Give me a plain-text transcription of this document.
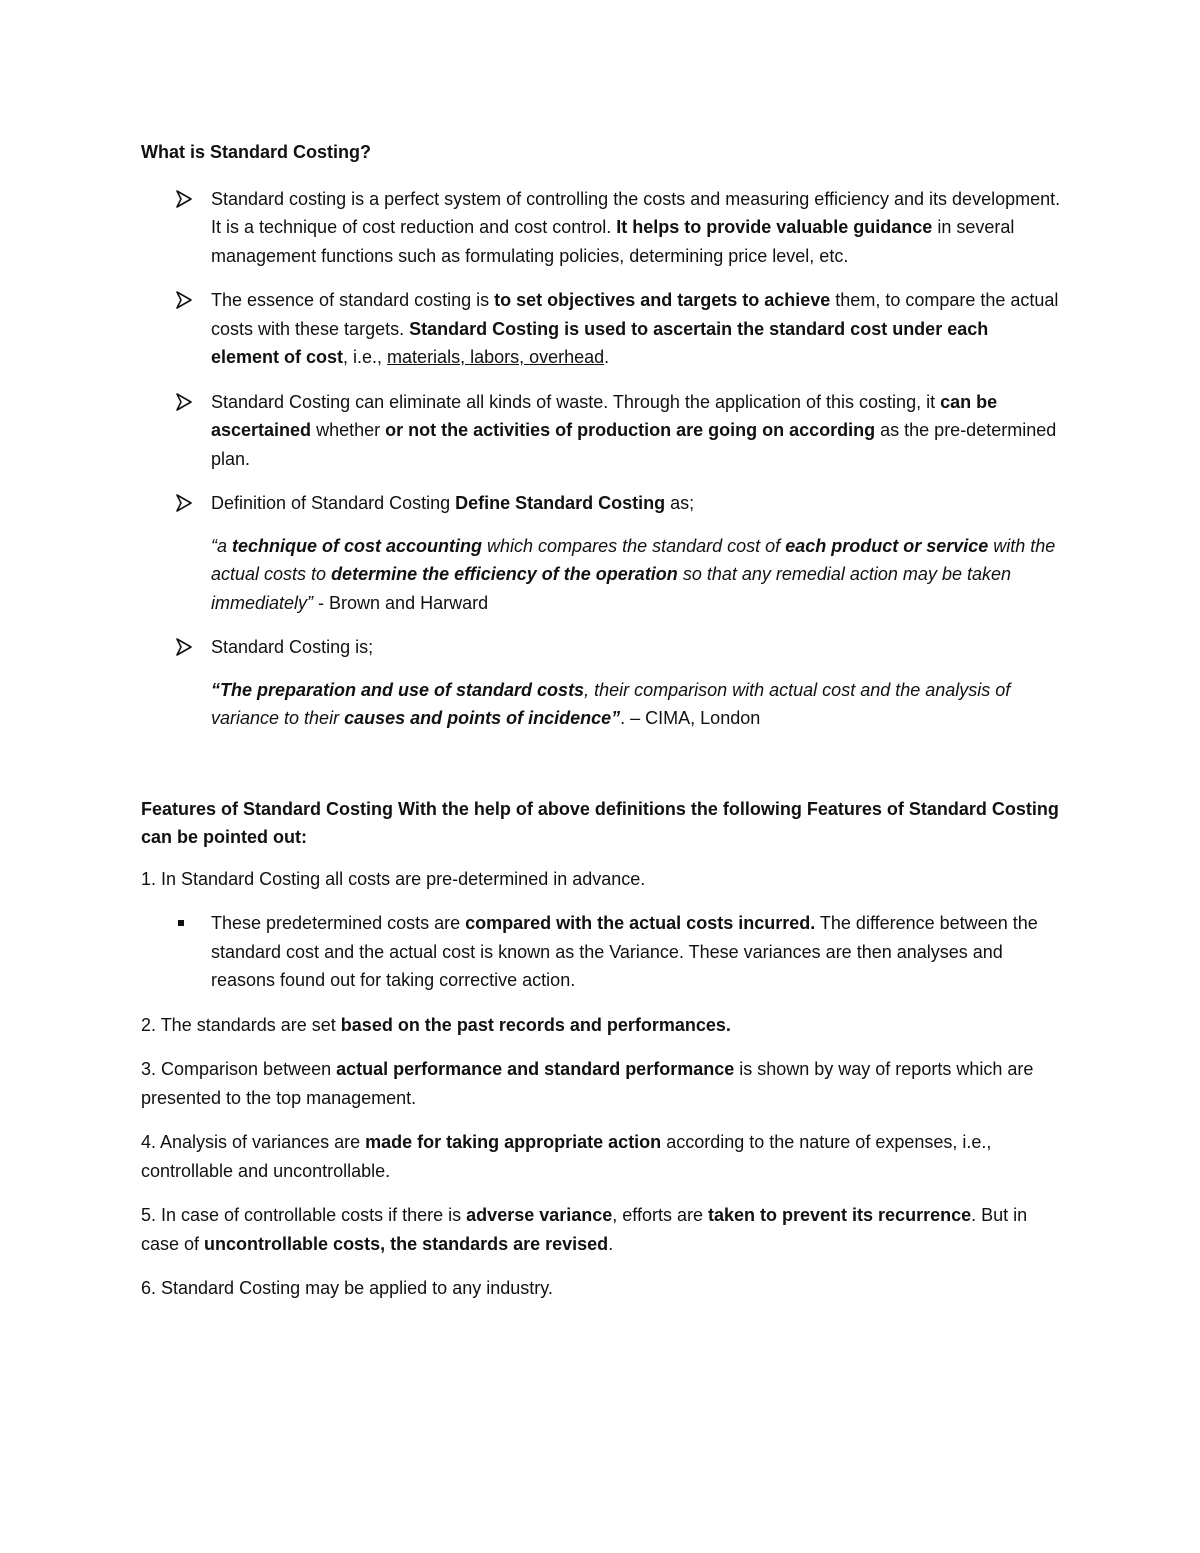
What is Standard Costing?

Standard costing is a perfect system of controlling the costs and measuring efficiency and its development. It is a technique of cost reduction and cost control. It helps to provide valuable guidance in several management functions such as formulating policies, determining price level, etc.

The essence of standard costing is to set objectives and targets to achieve them, to compare the actual costs with these targets. Standard Costing is used to ascertain the standard cost under each element of cost, i.e., materials, labors, overhead.

Standard Costing can eliminate all kinds of waste. Through the application of this costing, it can be ascertained whether or not the activities of production are going on according as the pre-determined plan.

Definition of Standard Costing Define Standard Costing as;

“a technique of cost accounting which compares the standard cost of each product or service with the actual costs to determine the efficiency of the operation so that any remedial action may be taken immediately” - Brown and Harward

Standard Costing is;

“The preparation and use of standard costs, their comparison with actual cost and the analysis of variance to their causes and points of incidence”. – CIMA, London

Features of Standard Costing With the help of above definitions the following Features of Standard Costing can be pointed out:

1. In Standard Costing all costs are pre-determined in advance.

These predetermined costs are compared with the actual costs incurred. The difference between the standard cost and the actual cost is known as the Variance. These variances are then analyses and reasons found out for taking corrective action.

2. The standards are set based on the past records and performances.

3. Comparison between actual performance and standard performance is shown by way of reports which are presented to the top management.

4. Analysis of variances are made for taking appropriate action according to the nature of expenses, i.e., controllable and uncontrollable.

5. In case of controllable costs if there is adverse variance, efforts are taken to prevent its recurrence. But in case of uncontrollable costs, the standards are revised.

6. Standard Costing may be applied to any industry.
